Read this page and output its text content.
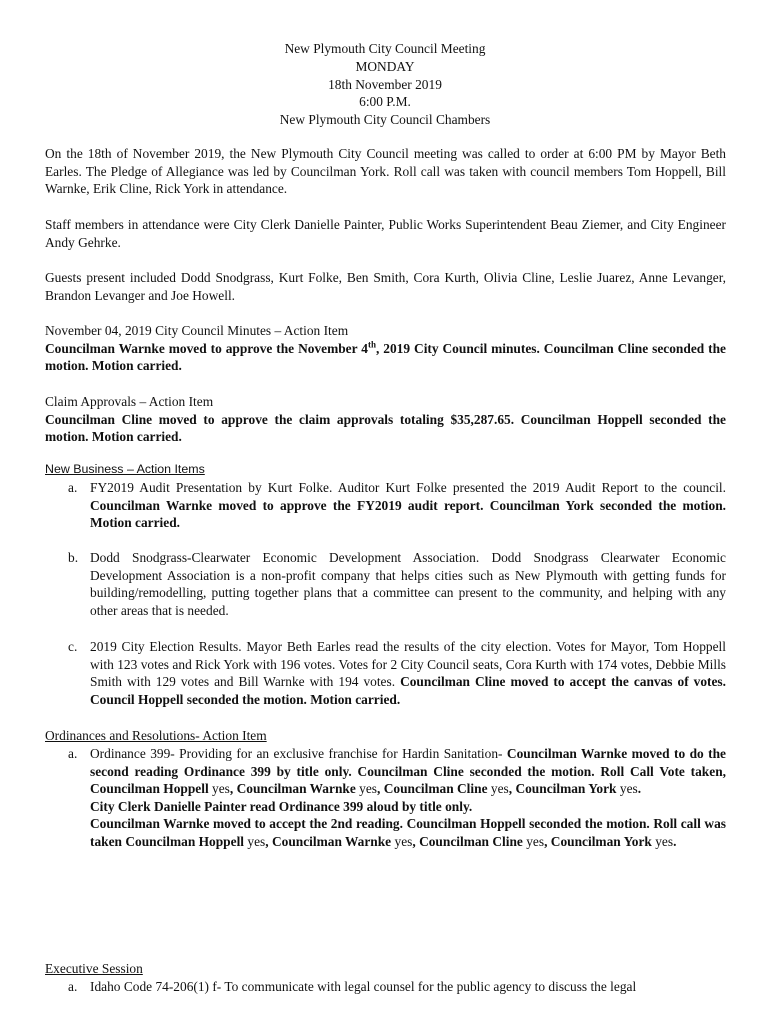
New Plymouth City Council Meeting
MONDAY
18th November 2019
6:00 P.M.
New Plymouth City Council Chambers
On the 18th of November 2019, the New Plymouth City Council meeting was called to order at 6:00 PM by Mayor Beth Earles. The Pledge of Allegiance was led by Councilman York. Roll call was taken with council members Tom Hoppell, Bill Warnke, Erik Cline, Rick York in attendance.
Staff members in attendance were City Clerk Danielle Painter, Public Works Superintendent Beau Ziemer, and City Engineer Andy Gehrke.
Guests present included Dodd Snodgrass, Kurt Folke, Ben Smith, Cora Kurth, Olivia Cline, Leslie Juarez, Anne Levanger, Brandon Levanger and Joe Howell.
November 04, 2019 City Council Minutes – Action Item
Councilman Warnke moved to approve the November 4th, 2019 City Council minutes. Councilman Cline seconded the motion. Motion carried.
Claim Approvals – Action Item
Councilman Cline moved to approve the claim approvals totaling $35,287.65. Councilman Hoppell seconded the motion. Motion carried.
New Business – Action Items
a. FY2019 Audit Presentation by Kurt Folke. Auditor Kurt Folke presented the 2019 Audit Report to the council. Councilman Warnke moved to approve the FY2019 audit report. Councilman York seconded the motion. Motion carried.
b. Dodd Snodgrass-Clearwater Economic Development Association. Dodd Snodgrass Clearwater Economic Development Association is a non-profit company that helps cities such as New Plymouth with getting funds for building/remodelling, putting together plans that a committee can present to the community, and helping with any other areas that is needed.
c. 2019 City Election Results. Mayor Beth Earles read the results of the city election. Votes for Mayor, Tom Hoppell with 123 votes and Rick York with 196 votes. Votes for 2 City Council seats, Cora Kurth with 174 votes, Debbie Mills Smith with 129 votes and Bill Warnke with 194 votes. Councilman Cline moved to accept the canvas of votes. Council Hoppell seconded the motion. Motion carried.
Ordinances and Resolutions- Action Item
a. Ordinance 399- Providing for an exclusive franchise for Hardin Sanitation- Councilman Warnke moved to do the second reading Ordinance 399 by title only. Councilman Cline seconded the motion. Roll Call Vote taken, Councilman Hoppell yes, Councilman Warnke yes, Councilman Cline yes, Councilman York yes.
City Clerk Danielle Painter read Ordinance 399 aloud by title only.
Councilman Warnke moved to accept the 2nd reading. Councilman Hoppell seconded the motion. Roll call was taken Councilman Hoppell yes, Councilman Warnke yes, Councilman Cline yes, Councilman York yes.
Executive Session
a. Idaho Code 74-206(1) f- To communicate with legal counsel for the public agency to discuss the legal
